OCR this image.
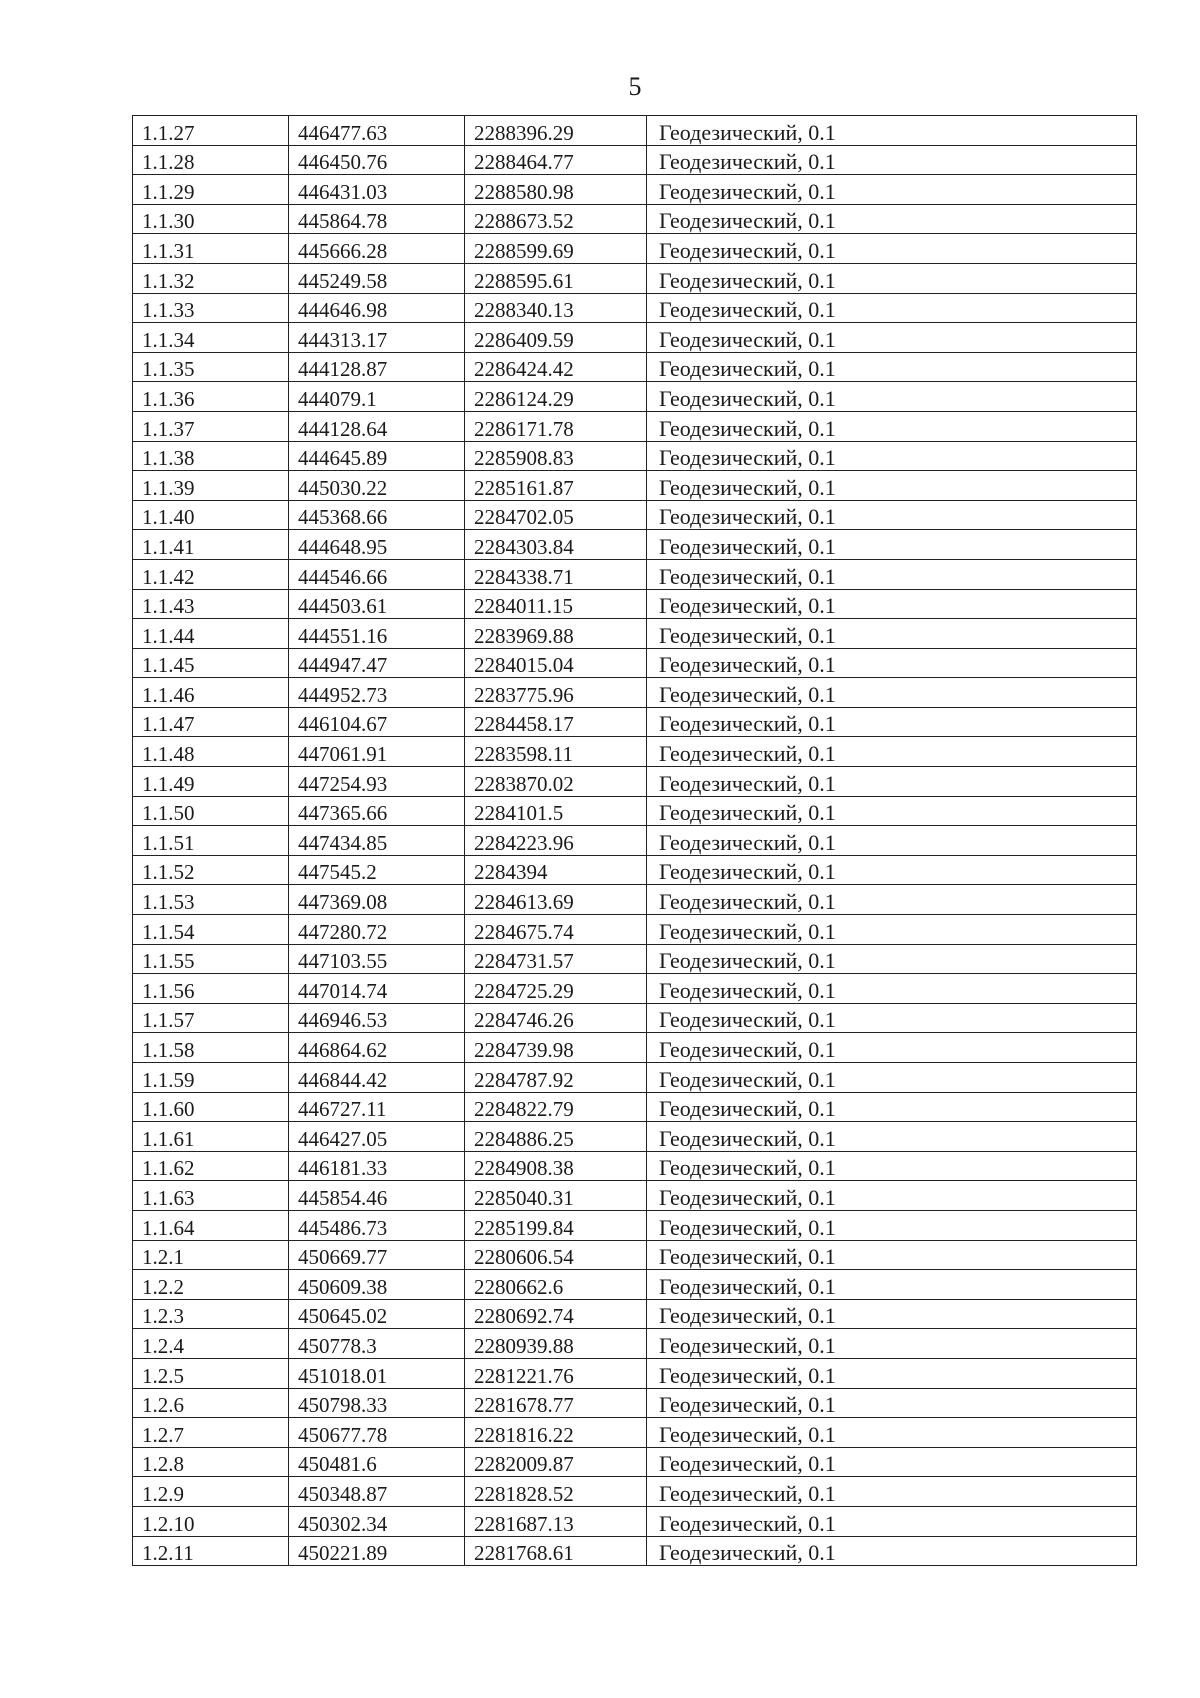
5
1.1.27	446477.63	2288396.29	Геодезический, 0.1
1.1.28	446450.76	2288464.77	Геодезический, 0.1
1.1.29	446431.03	2288580.98	Геодезический, 0.1
1.1.30	445864.78	2288673.52	Геодезический, 0.1
1.1.31	445666.28	2288599.69	Геодезический, 0.1
1.1.32	445249.58	2288595.61	Геодезический, 0.1
1.1.33	444646.98	2288340.13	Геодезический, 0.1
1.1.34	444313.17	2286409.59	Геодезический, 0.1
1.1.35	444128.87	2286424.42	Геодезический, 0.1
1.1.36	444079.1	2286124.29	Геодезический, 0.1
1.1.37	444128.64	2286171.78	Геодезический, 0.1
1.1.38	444645.89	2285908.83	Геодезический, 0.1
1.1.39	445030.22	2285161.87	Геодезический, 0.1
1.1.40	445368.66	2284702.05	Геодезический, 0.1
1.1.41	444648.95	2284303.84	Геодезический, 0.1
1.1.42	444546.66	2284338.71	Геодезический, 0.1
1.1.43	444503.61	2284011.15	Геодезический, 0.1
1.1.44	444551.16	2283969.88	Геодезический, 0.1
1.1.45	444947.47	2284015.04	Геодезический, 0.1
1.1.46	444952.73	2283775.96	Геодезический, 0.1
1.1.47	446104.67	2284458.17	Геодезический, 0.1
1.1.48	447061.91	2283598.11	Геодезический, 0.1
1.1.49	447254.93	2283870.02	Геодезический, 0.1
1.1.50	447365.66	2284101.5	Геодезический, 0.1
1.1.51	447434.85	2284223.96	Геодезический, 0.1
1.1.52	447545.2	2284394	Геодезический, 0.1
1.1.53	447369.08	2284613.69	Геодезический, 0.1
1.1.54	447280.72	2284675.74	Геодезический, 0.1
1.1.55	447103.55	2284731.57	Геодезический, 0.1
1.1.56	447014.74	2284725.29	Геодезический, 0.1
1.1.57	446946.53	2284746.26	Геодезический, 0.1
1.1.58	446864.62	2284739.98	Геодезический, 0.1
1.1.59	446844.42	2284787.92	Геодезический, 0.1
1.1.60	446727.11	2284822.79	Геодезический, 0.1
1.1.61	446427.05	2284886.25	Геодезический, 0.1
1.1.62	446181.33	2284908.38	Геодезический, 0.1
1.1.63	445854.46	2285040.31	Геодезический, 0.1
1.1.64	445486.73	2285199.84	Геодезический, 0.1
1.2.1	450669.77	2280606.54	Геодезический, 0.1
1.2.2	450609.38	2280662.6	Геодезический, 0.1
1.2.3	450645.02	2280692.74	Геодезический, 0.1
1.2.4	450778.3	2280939.88	Геодезический, 0.1
1.2.5	451018.01	2281221.76	Геодезический, 0.1
1.2.6	450798.33	2281678.77	Геодезический, 0.1
1.2.7	450677.78	2281816.22	Геодезический, 0.1
1.2.8	450481.6	2282009.87	Геодезический, 0.1
1.2.9	450348.87	2281828.52	Геодезический, 0.1
1.2.10	450302.34	2281687.13	Геодезический, 0.1
1.2.11	450221.89	2281768.61	Геодезический, 0.1
